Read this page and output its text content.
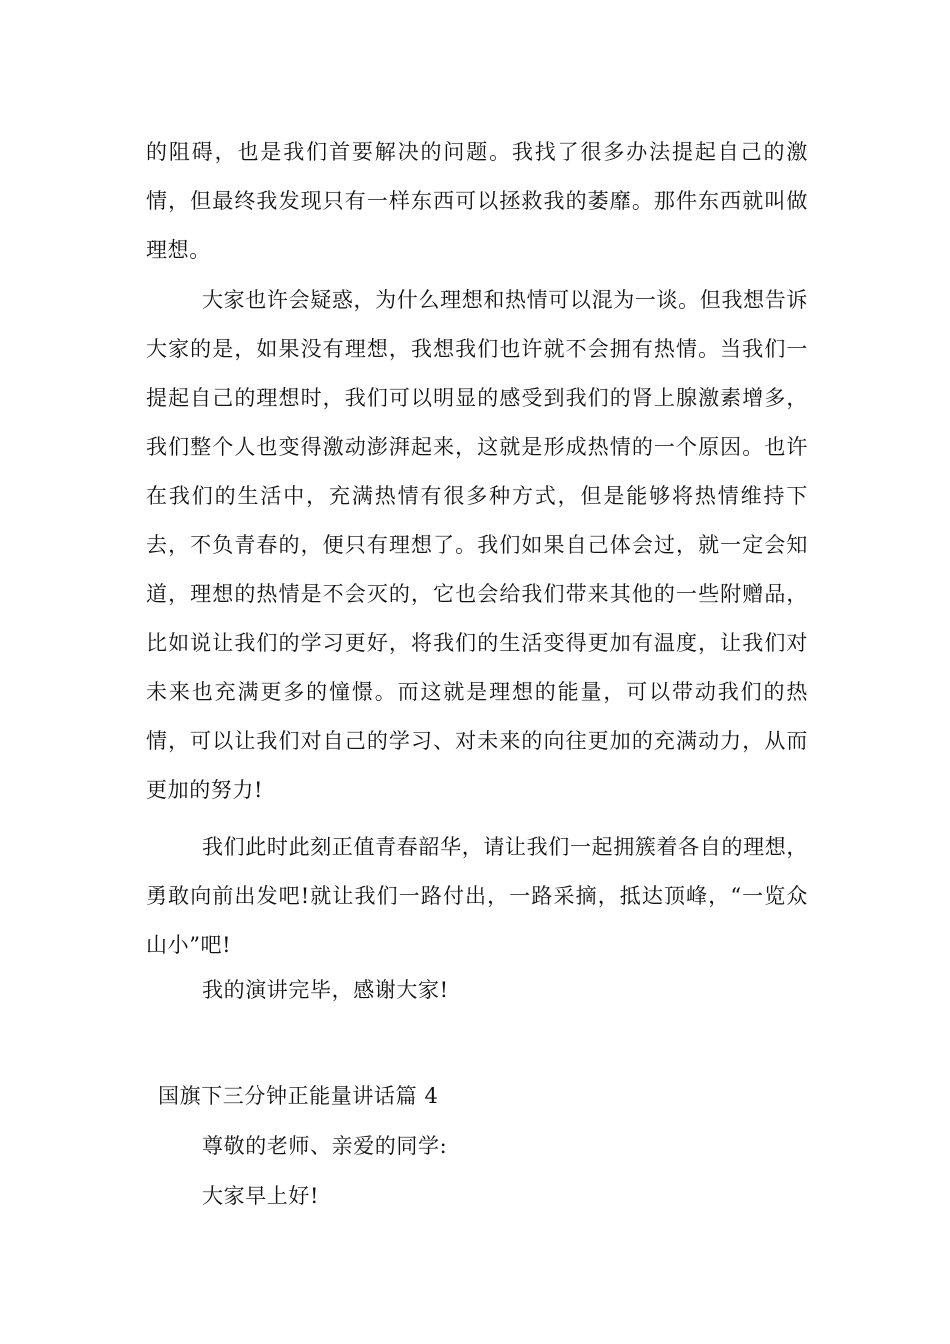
的阻碍，也是我们首要解决的问题。我找了很多办法提起自己的激情，但最终我发现只有一样东西可以拯救我的萎靡。那件东西就叫做理想。

大家也许会疑惑，为什么理想和热情可以混为一谈。但我想告诉大家的是，如果没有理想，我想我们也许就不会拥有热情。当我们一提起自己的理想时，我们可以明显的感受到我们的肾上腺激素增多，我们整个人也变得激动澎湃起来，这就是形成热情的一个原因。也许在我们的生活中，充满热情有很多种方式，但是能够将热情维持下去，不负青春的，便只有理想了。我们如果自己体会过，就一定会知道，理想的热情是不会灭的，它也会给我们带来其他的一些附赠品，比如说让我们的学习更好，将我们的生活变得更加有温度，让我们对未来也充满更多的憧憬。而这就是理想的能量，可以带动我们的热情，可以让我们对自己的学习、对未来的向往更加的充满动力，从而更加的努力!

我们此时此刻正值青春韶华，请让我们一起拥簇着各自的理想，勇敢向前出发吧!就让我们一路付出，一路采摘，抵达顶峰，“一览众山小”吧!

我的演讲完毕，感谢大家!

国旗下三分钟正能量讲话篇 4

尊敬的老师、亲爱的同学:

大家早上好!
